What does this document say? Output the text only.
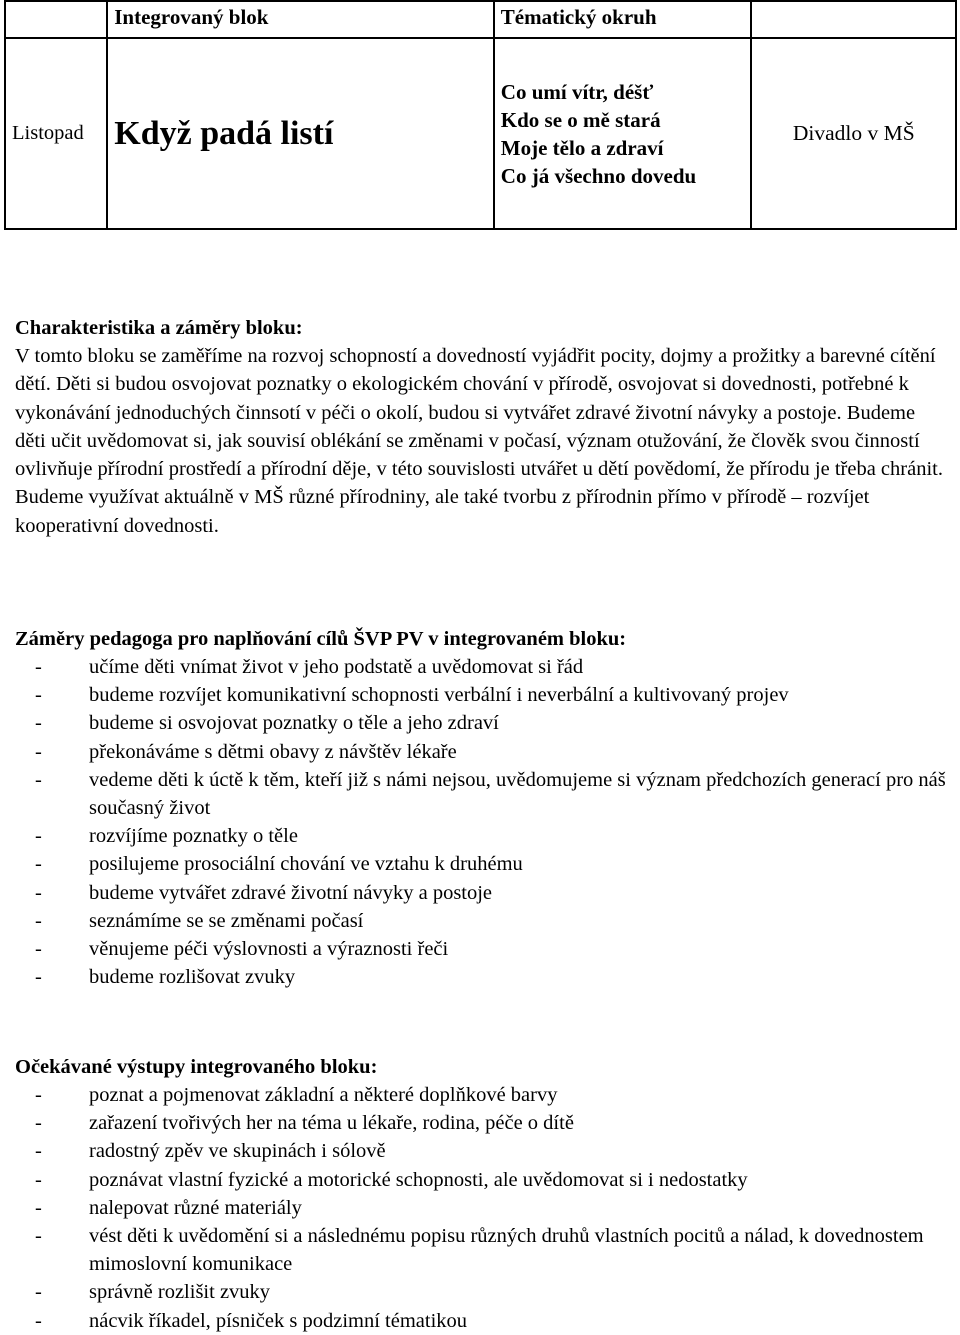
	Integrovaný blok	Tématický okruh	
Listopad	Když padá listí	Co umí vítr, déšť
Kdo se o mě stará
Moje tělo a zdraví
Co já všechno dovedu	Divadlo v MŠ
Charakteristika a záměry bloku:
V tomto bloku se zaměříme na rozvoj schopností a dovedností vyjádřit pocity, dojmy a prožitky a barevné cítění dětí. Děti si budou osvojovat poznatky o ekologickém chování v přírodě, osvojovat si dovednosti, potřebné k vykonávání jednoduchých činnsotí v péči o okolí, budou si vytvářet zdravé životní návyky a postoje. Budeme děti učit uvědomovat si, jak souvisí oblékání se změnami v počasí, význam otužování, že člověk svou činností ovlivňuje přírodní prostředí a přírodní děje, v této souvislosti utvářet u dětí povědomí, že přírodu je třeba chránit. Budeme využívat aktuálně v MŠ různé přírodniny, ale také tvorbu z přírodnin přímo v přírodě – rozvíjet kooperativní dovednosti.
Záměry pedagoga pro naplňování cílů ŠVP PV v integrovaném bloku:
- učíme děti vnímat život v jeho podstatě a uvědomovat si řád
- budeme rozvíjet komunikativní schopnosti verbální i neverbální a kultivovaný projev
- budeme si osvojovat poznatky o těle a jeho zdraví
- překonáváme s dětmi obavy z návštěv lékaře
- vedeme děti k úctě k těm, kteří již s námi nejsou, uvědomujeme si význam předchozích generací pro náš současný život
- rozvíjíme poznatky o těle
- posilujeme prosociální chování ve vztahu k druhému
- budeme vytvářet zdravé životní návyky a postoje
- seznámíme se se změnami počasí
- věnujeme péči výslovnosti a výraznosti řeči
- budeme rozlišovat zvuky
Očekávané výstupy integrovaného bloku:
- poznat a pojmenovat základní a některé doplňkové barvy
- zařazení tvořivých her na téma u lékaře, rodina, péče o dítě
- radostný zpěv ve skupinách i sólově
- poznávat vlastní fyzické a motorické schopnosti, ale uvědomovat si i nedostatky
- nalepovat různé materiály
- vést děti k uvědomění si a následnému popisu různých druhů vlastních pocitů a nálad, k dovednostem mimoslovní komunikace
- správně rozlišit zvuky
- nácvik říkadel, písniček s podzimní tématikou
